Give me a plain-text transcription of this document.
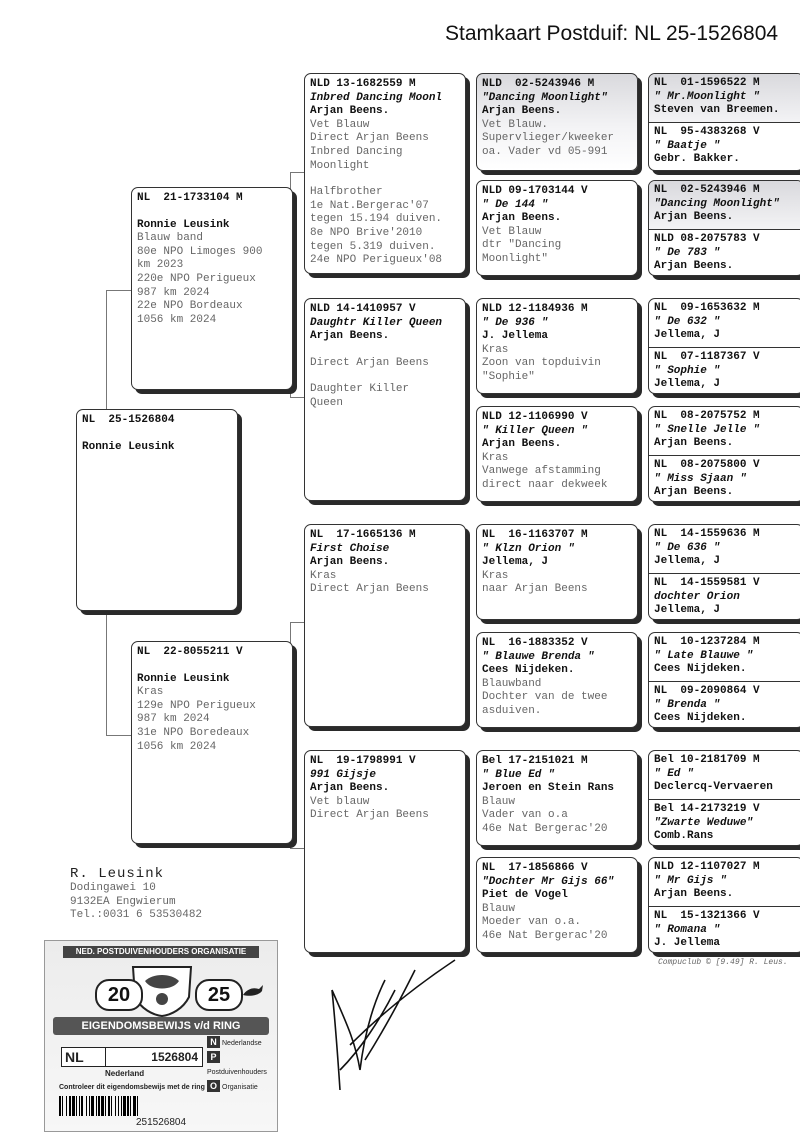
Stamkaart Postduif: NL 25-1526804
NL  25-1526804
Ronnie Leusink
NL  21-1733104 M
Ronnie Leusink
Blauw band
80e NPO Limoges 900
km 2023
220e NPO Perigueux
987 km 2024
22e NPO Bordeaux
1056 km 2024
NL  22-8055211 V
Ronnie Leusink
Kras
129e NPO Perigueux
987 km 2024
31e NPO Boredeaux
1056 km 2024
NLD 13-1682559 M
Inbred Dancing Moonl
Arjan Beens.
Vet Blauw
Direct Arjan Beens
Inbred Dancing
Moonlight
Halfbrother
1e Nat.Bergerac'07
tegen 15.194 duiven.
8e NPO Brive'2010
tegen 5.319 duiven.
24e NPO Perigueux'08
NLD 14-1410957 V
Daughtr Killer Queen
Arjan Beens.
Direct Arjan Beens
Daughter Killer
Queen
NL  17-1665136 M
First Choise
Arjan Beens.
Kras
Direct Arjan Beens
NL  19-1798991 V
991 Gijsje
Arjan Beens.
Vet blauw
Direct Arjan Beens
NLD  02-5243946 M
"Dancing Moonlight"
Arjan Beens.
Vet Blauw.
Supervlieger/kweeker
oa. Vader vd 05-991
NLD 09-1703144 V
" De 144 "
Arjan Beens.
Vet Blauw
dtr "Dancing
Moonlight"
NLD 12-1184936 M
" De 936 "
J. Jellema
Kras
Zoon van topduivin
"Sophie"
NLD 12-1106990 V
" Killer Queen "
Arjan Beens.
Kras
Vanwege afstamming
direct naar dekweek
NL  16-1163707 M
" Klzn Orion "
Jellema, J
Kras
naar Arjan Beens
NL  16-1883352 V
" Blauwe Brenda "
Cees Nijdeken.
Blauwband
Dochter van de twee
asduiven.
Bel 17-2151021 M
" Blue Ed "
Jeroen en Stein Rans
Blauw
Vader van o.a
46e Nat Bergerac'20
NL  17-1856866 V
"Dochter Mr Gijs 66"
Piet de Vogel
Blauw
Moeder van o.a.
46e Nat Bergerac'20
NL  01-1596522 M
" Mr.Moonlight "
Steven van Breemen.
NL  95-4383268 V
" Baatje "
Gebr. Bakker.
NL  02-5243946 M
"Dancing Moonlight"
Arjan Beens.
NLD 08-2075783 V
" De 783 "
Arjan Beens.
NL  09-1653632 M
" De 632 "
Jellema, J
NL  07-1187367 V
" Sophie "
Jellema, J
NL  08-2075752 M
" Snelle Jelle "
Arjan Beens.
NL  08-2075800 V
" Miss Sjaan "
Arjan Beens.
NL  14-1559636 M
" De 636 "
Jellema, J
NL  14-1559581 V
dochter Orion
Jellema, J
NL  10-1237284 M
" Late Blauwe "
Cees Nijdeken.
NL  09-2090864 V
" Brenda "
Cees Nijdeken.
Bel 10-2181709 M
" Ed "
Declercq-Vervaeren
Bel 14-2173219 V
"Zwarte Weduwe"
Comb.Rans
NLD 12-1107027 M
" Mr Gijs "
Arjan Beens.
NL  15-1321366 V
" Romana "
J. Jellema
R. Leusink
Dodingawei 10
9132EA Engwierum
Tel.:0031 6 53530482
Compuclub © [9.49] R. Leus.
NED. POSTDUIVENHOUDERS ORGANISATIE
20	25
EIGENDOMSBEWIJS v/d RING
NL	1526804
Nederland
N Nederlandse
PPostduivenhouders
O Organisatie
Controleer dit eigendomsbewijs met de ring
251526804
